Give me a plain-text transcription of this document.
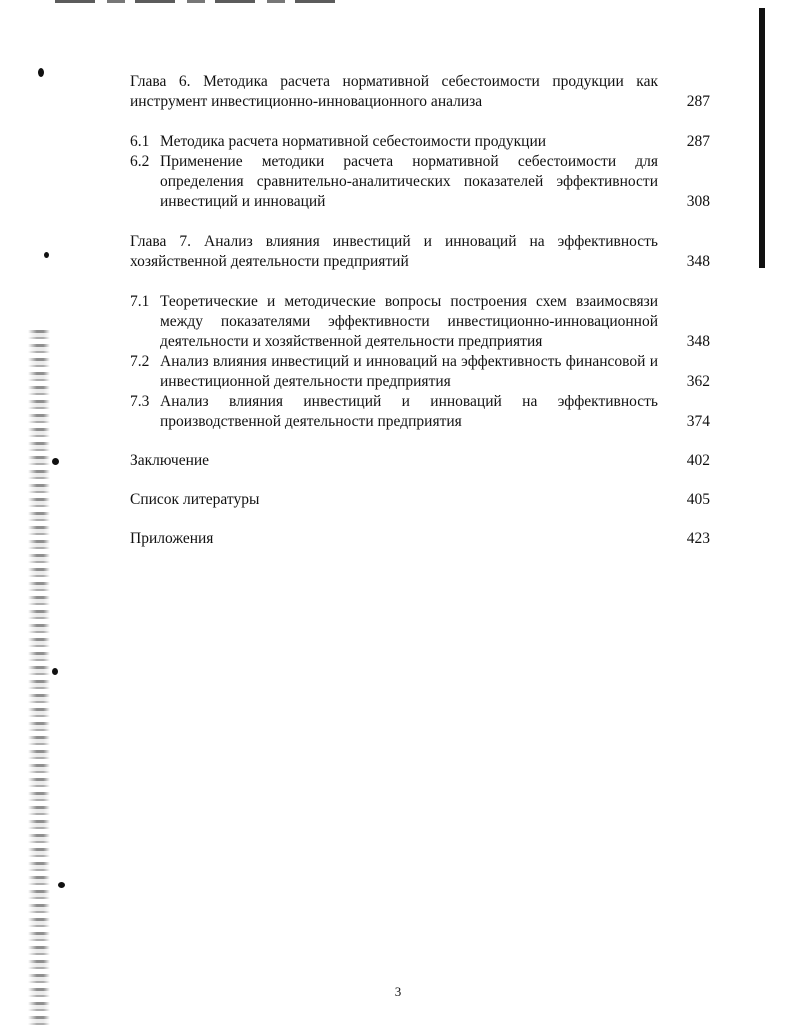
Глава 6. Методика расчета нормативной себестоимости продукции как инструмент инвестиционно-инновационного анализа	287
6.1 Методика расчета нормативной себестоимости продукции	287
6.2 Применение методики расчета нормативной себестоимости для определения сравнительно-аналитических показателей эффективности инвестиций и инноваций	308
Глава 7. Анализ влияния инвестиций и инноваций на эффективность хозяйственной деятельности предприятий	348
7.1 Теоретические и методические вопросы построения схем взаимосвязи между показателями эффективности инвестиционно-инновационной деятельности и хозяйственной деятельности предприятия	348
7.2 Анализ влияния инвестиций и инноваций на эффективность финансовой и инвестиционной деятельности предприятия	362
7.3 Анализ влияния инвестиций и инноваций на эффективность производственной деятельности предприятия	374
Заключение	402
Список литературы	405
Приложения	423
3
